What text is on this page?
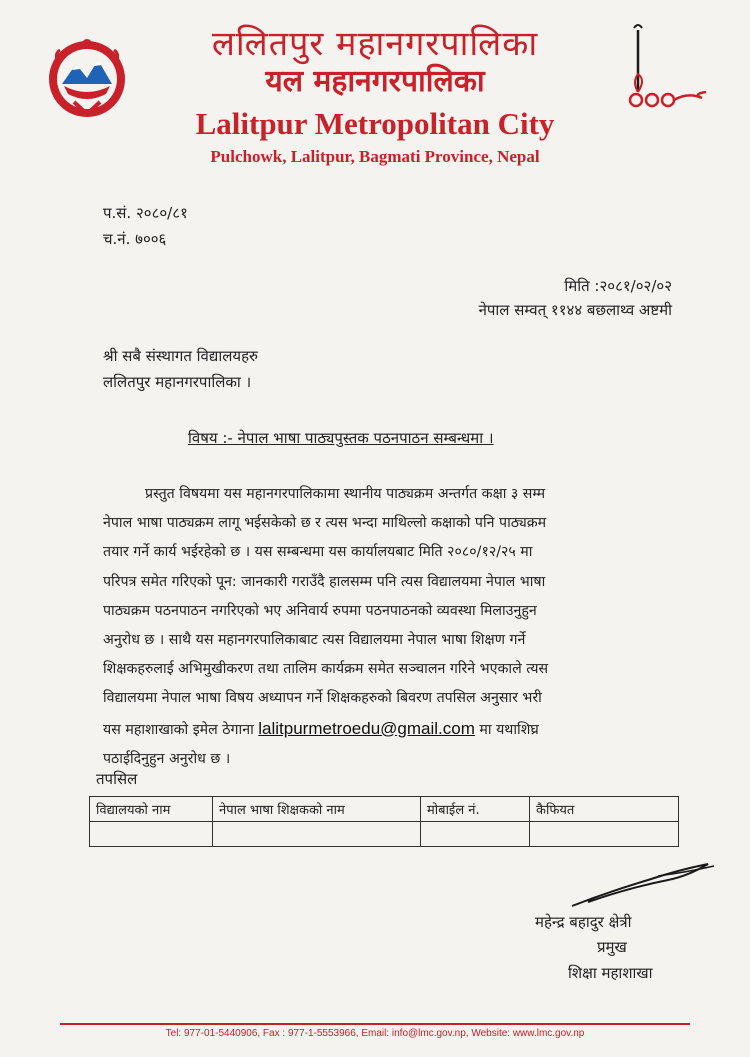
ललितपुर महानगरपालिका
यल महानगरपालिका
Lalitpur Metropolitan City
Pulchowk, Lalitpur, Bagmati Province, Nepal
प.सं. २०८०/८१
च.नं. ७००६
मिति :२०८१/०२/०२
नेपाल सम्वत् ११४४ बछलाथ्व अष्टमी
श्री सबै संस्थागत विद्यालयहरु
ललितपुर महानगरपालिका ।
विषय :- नेपाल भाषा पाठ्यपुस्तक पठनपाठन सम्बन्धमा ।
प्रस्तुत विषयमा यस महानगरपालिकामा स्थानीय पाठ्यक्रम अन्तर्गत कक्षा ३ सम्म
नेपाल भाषा पाठ्यक्रम लागू भईसकेको छ र त्यस भन्दा माथिल्लो कक्षाको पनि पाठ्यक्रम
तयार गर्ने कार्य भईरहेको छ । यस सम्बन्धमा यस कार्यालयबाट मिति २०८०/१२/२५ मा
परिपत्र समेत गरिएको पून: जानकारी गराउँदै हालसम्म पनि त्यस विद्यालयमा नेपाल भाषा
पाठ्यक्रम पठनपाठन नगरिएको भए अनिवार्य रुपमा पठनपाठनको व्यवस्था मिलाउनुहुन
अनुरोध छ । साथै यस महानगरपालिकाबाट त्यस विद्यालयमा नेपाल भाषा शिक्षण गर्ने
शिक्षकहरुलाई अभिमुखीकरण तथा तालिम कार्यक्रम समेत सञ्चालन गरिने भएकाले त्यस
विद्यालयमा नेपाल भाषा विषय अध्यापन गर्ने शिक्षकहरुको बिवरण तपसिल अनुसार भरी
यस महाशाखाको इमेल ठेगाना lalitpurmetroedu@gmail.com मा यथाशिघ्र
पठाईदिनुहुन अनुरोध छ ।
तपसिल
विद्यालयको नाम	नेपाल भाषा शिक्षकको नाम	मोबाईल नं.	कैफियत

महेन्द्र बहादुर क्षेत्री
प्रमुख
शिक्षा महाशाखा
Tel: 977-01-5440906, Fax : 977-1-5553966, Email: info@lmc.gov.np, Website: www.lmc.gov.np
